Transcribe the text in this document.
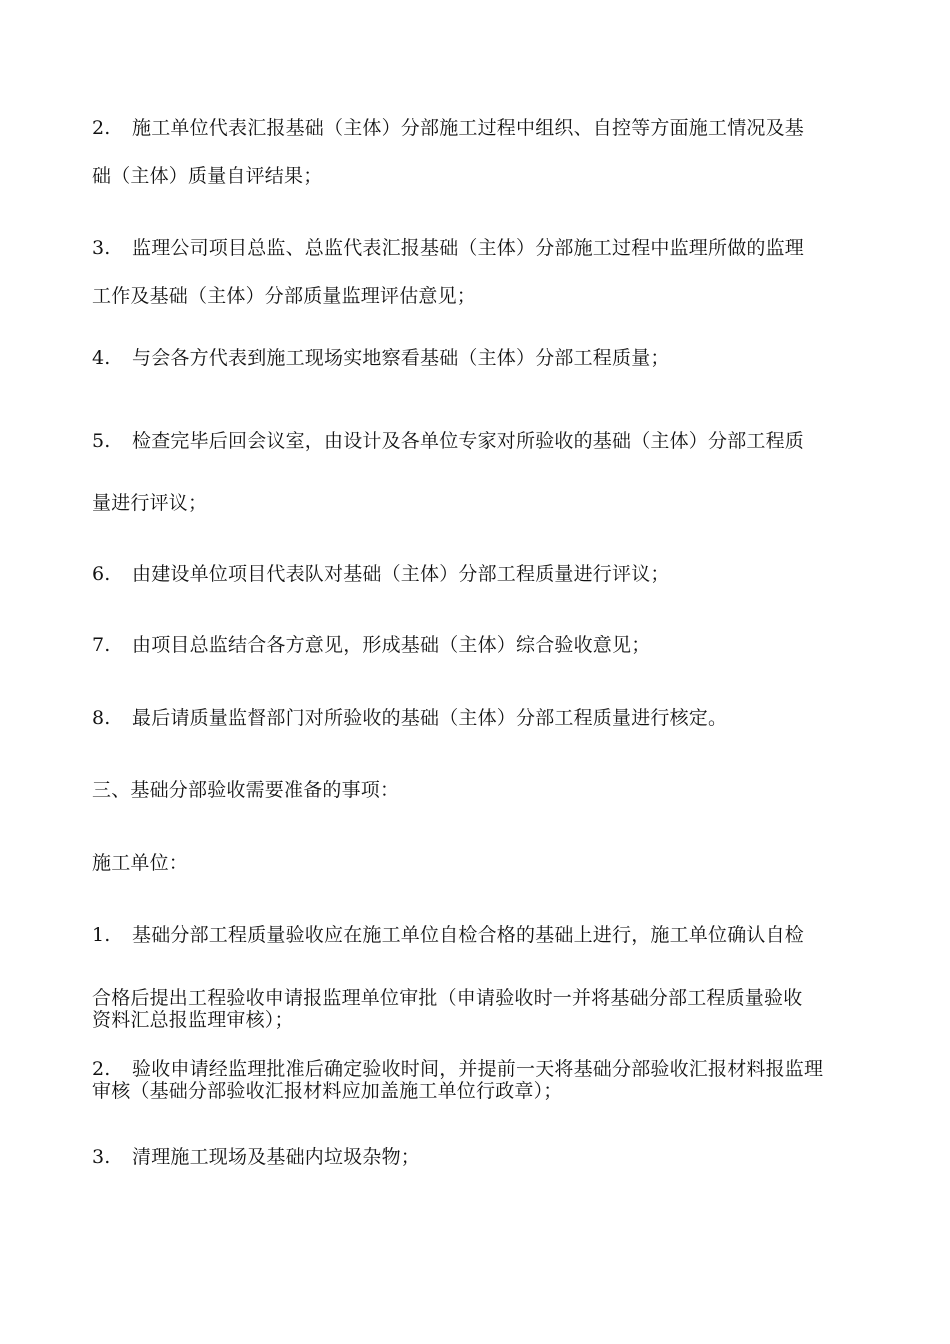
2. 施工单位代表汇报基础（主体）分部施工过程中组织、自控等方面施工情况及基
础（主体）质量自评结果；
3. 监理公司项目总监、总监代表汇报基础（主体）分部施工过程中监理所做的监理
工作及基础（主体）分部质量监理评估意见；
4. 与会各方代表到施工现场实地察看基础（主体）分部工程质量；
5. 检查完毕后回会议室，由设计及各单位专家对所验收的基础（主体）分部工程质
量进行评议；
6. 由建设单位项目代表队对基础（主体）分部工程质量进行评议；
7. 由项目总监结合各方意见，形成基础（主体）综合验收意见；
8. 最后请质量监督部门对所验收的基础（主体）分部工程质量进行核定。
三、基础分部验收需要准备的事项：
施工单位：
1. 基础分部工程质量验收应在施工单位自检合格的基础上进行，施工单位确认自检
合格后提出工程验收申请报监理单位审批（申请验收时一并将基础分部工程质量验收
资料汇总报监理审核）；
2. 验收申请经监理批准后确定验收时间，并提前一天将基础分部验收汇报材料报监理
审核（基础分部验收汇报材料应加盖施工单位行政章）；
3. 清理施工现场及基础内垃圾杂物；
